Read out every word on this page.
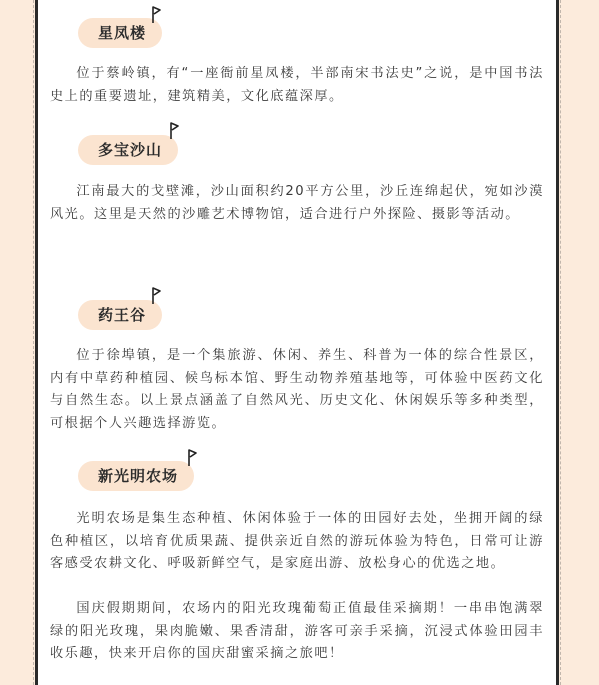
星凤楼

位于蔡岭镇，有“一座衙前星凤楼，半部南宋书法史”之说，是中国书法史上的重要遗址，建筑精美，文化底蕴深厚。

多宝沙山

江南最大的戈壁滩，沙山面积约20平方公里，沙丘连绵起伏，宛如沙漠风光。这里是天然的沙雕艺术博物馆，适合进行户外探险、摄影等活动。

药王谷

位于徐埠镇，是一个集旅游、休闲、养生、科普为一体的综合性景区，内有中草药种植园、候鸟标本馆、野生动物养殖基地等，可体验中医药文化与自然生态。以上景点涵盖了自然风光、历史文化、休闲娱乐等多种类型，可根据个人兴趣选择游览。

新光明农场

光明农场是集生态种植、休闲体验于一体的田园好去处，坐拥开阔的绿色种植区，以培育优质果蔬、提供亲近自然的游玩体验为特色，日常可让游客感受农耕文化、呼吸新鲜空气，是家庭出游、放松身心的优选之地。

国庆假期期间，农场内的阳光玫瑰葡萄正值最佳采摘期！一串串饱满翠绿的阳光玫瑰，果肉脆嫩、果香清甜，游客可亲手采摘，沉浸式体验田园丰收乐趣，快来开启你的国庆甜蜜采摘之旅吧！
